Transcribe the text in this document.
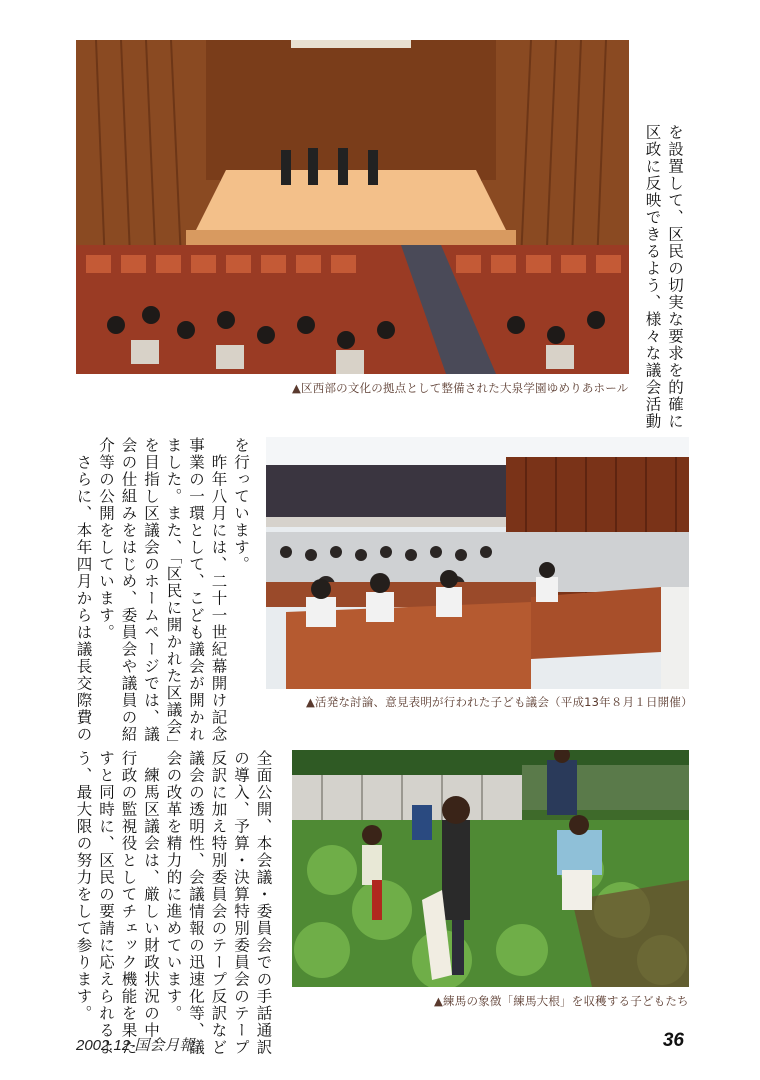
▲区西部の文化の拠点として整備された大泉学園ゆめりあホール を設置して、区民の切実な要求を的確に
区政に反映できるよう、様々な議会活動
▲活発な討論、意見表明が行われた子ども議会（平成13年８月１日開催）
を行っています。
　昨年八月には、二十一世紀幕開け記念
事業の一環として、こども議会が開かれ
ました。また、「区民に開かれた区議会」
を目指し区議会のホームページでは、議
会の仕組みをはじめ、委員会や議員の紹
介等の公開をしています。
　さらに、本年四月からは議長交際費の
▲練馬の象徴「練馬大根」を収穫する子どもたち
全面公開、本会議・委員会での手話通訳
の導入、予算・決算特別委員会のテープ
反訳に加え特別委員会のテープ反訳など
議会の透明性、会議情報の迅速化等、議
会の改革を精力的に進めています。
　練馬区議会は、厳しい財政状況の中、
行政の監視役としてチェック機能を果た
すと同時に、区民の要請に応えられるよ
う、最大限の努力をして参ります。
2002.12 国会月報	36
